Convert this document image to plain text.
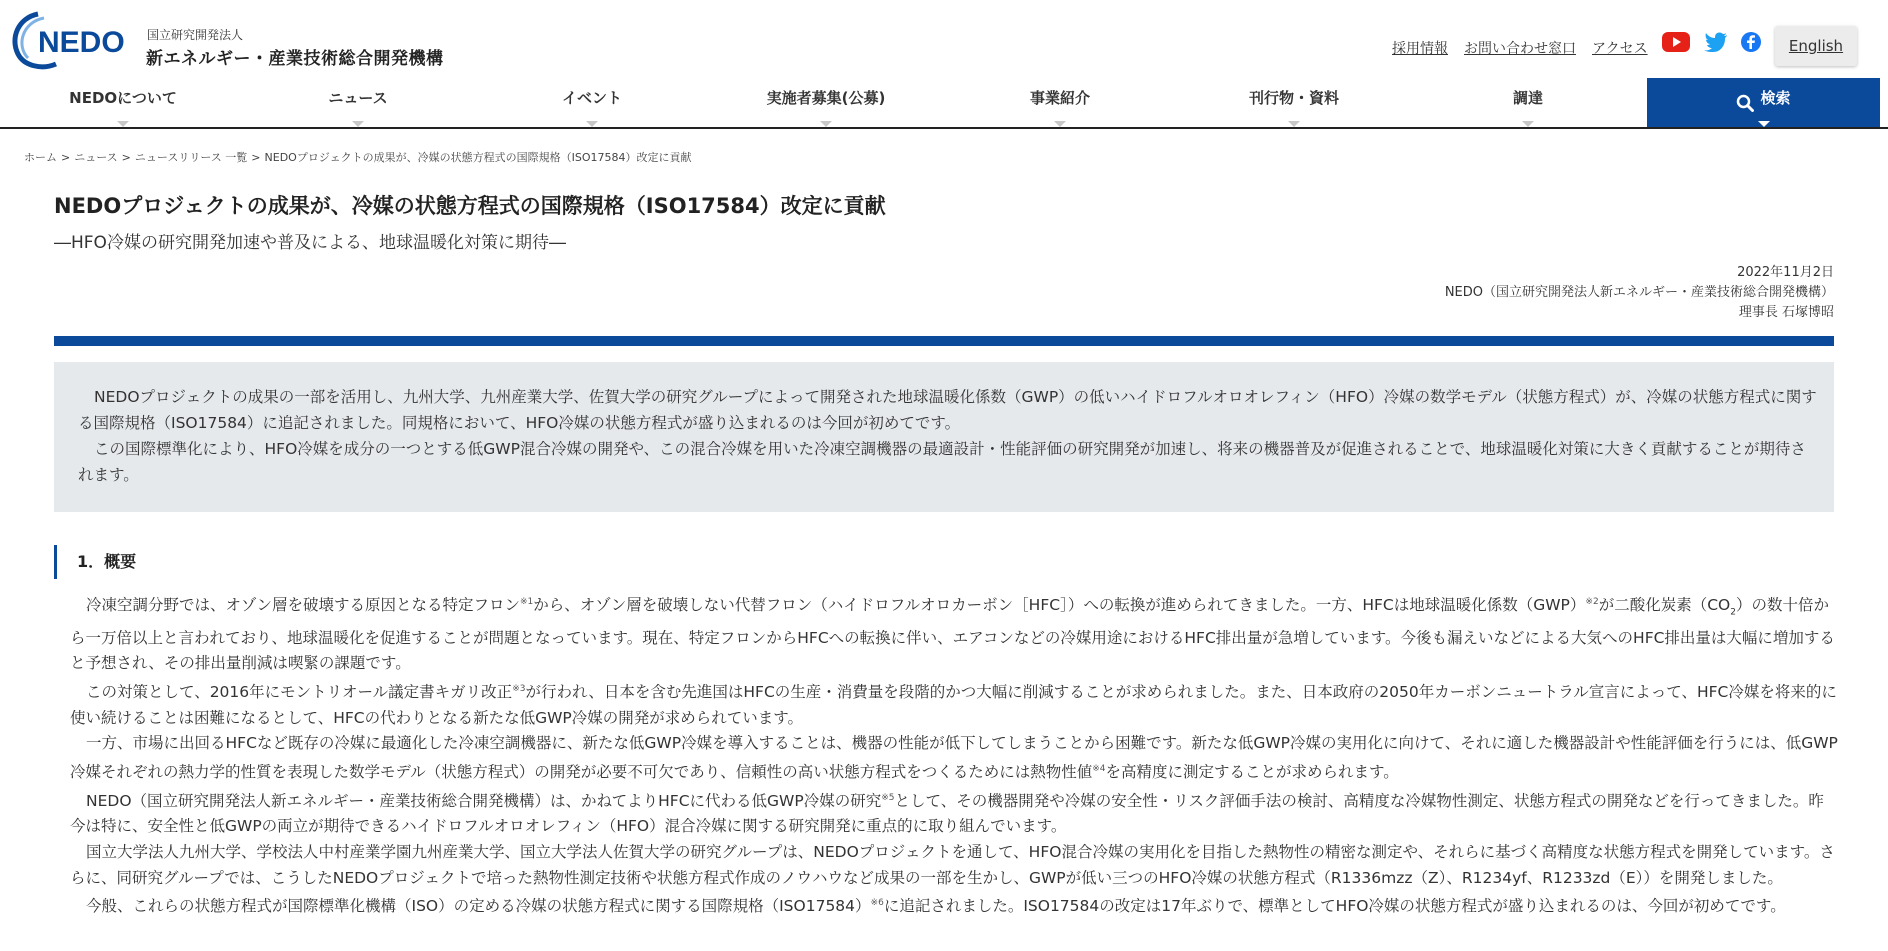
NEDO 国立研究開発法人
新エネルギー・産業技術総合開発機構	採用情報 お問い合わせ窓口 アクセス	English
NEDOについて	ニュース	イベント	実施者募集(公募)	事業紹介	刊行物・資料	調達	検索
ホーム > ニュース > ニュースリリース 一覧 > NEDOプロジェクトの成果が、冷媒の状態方程式の国際規格（ISO17584）改定に貢献
NEDOプロジェクトの成果が、冷媒の状態方程式の国際規格（ISO17584）改定に貢献
―HFO冷媒の研究開発加速や普及による、地球温暖化対策に期待―
2022年11月2日
NEDO（国立研究開発法人新エネルギー・産業技術総合開発機構）
理事長 石塚博昭

NEDOプロジェクトの成果の一部を活用し、九州大学、九州産業大学、佐賀大学の研究グループによって開発された地球温暖化係数（GWP）の低いハイドロフルオロオレフィン（HFO）冷媒の数学モデル（状態方程式）が、冷媒の状態方程式に関する国際規格（ISO17584）に追記されました。同規格において、HFO冷媒の状態方程式が盛り込まれるのは今回が初めてです。

この国際標準化により、HFO冷媒を成分の一つとする低GWP混合冷媒の開発や、この混合冷媒を用いた冷凍空調機器の最適設計・性能評価の研究開発が加速し、将来の機器普及が促進されることで、地球温暖化対策に大きく貢献することが期待されます。

1．概要

冷凍空調分野では、オゾン層を破壊する原因となる特定フロン$^{※1}$から、オゾン層を破壊しない代替フロン（ハイドロフルオロカーボン［HFC］）への転換が進められてきました。一方、HFCは地球温暖化係数（GWP）$^{※2}$が二酸化炭素$(CO_2)$の数十倍から一万倍以上と言われており、地球温暖化を促進することが問題となっています。現在、特定フロンからHFCへの転換に伴い、エアコンなどの冷媒用途におけるHFC排出量が急増しています。今後も漏えいなどによる大気へのHFC排出量は大幅に増加すると予想され、その排出量削減は喫緊の課題です。

この対策として、2016年にモントリオール議定書キガリ改正$^{※3}$が行われ、日本を含む先進国はHFCの生産・消費量を段階的かつ大幅に削減することが求められました。また、日本政府の2050年カーボンニュートラル宣言によって、HFC冷媒を将来的に使い続けることは困難になるとして、HFCの代わりとなる新たな低GWP冷媒の開発が求められています。

一方、市場に出回るHFCなど既存の冷媒に最適化した冷凍空調機器に、新たな低GWP冷媒を導入することは、機器の性能が低下してしまうことから困難です。新たな低GWP冷媒の実用化に向けて、それに適した機器設計や性能評価を行うには、低GWP冷媒それぞれの熱力学的性質を表現した数学モデル（状態方程式）の開発が必要不可欠であり、信頼性の高い状態方程式をつくるためには熱物性値$^{※4}$を高精度に測定することが求められます。

NEDO（国立研究開発法人新エネルギー・産業技術総合開発機構）は、かねてよりHFCに代わる低GWP冷媒の研究$^{※5}$として、その機器開発や冷媒の安全性・リスク評価手法の検討、高精度な冷媒物性測定、状態方程式の開発などを行ってきました。昨今は特に、安全性と低GWPの両立が期待できるハイドロフルオロオレフィン（HFO）混合冷媒に関する研究開発に重点的に取り組んでいます。

国立大学法人九州大学、学校法人中村産業学園九州産業大学、国立大学法人佐賀大学の研究グループは、NEDOプロジェクトを通して、HFO混合冷媒の実用化を目指した熱物性の精密な測定や、それらに基づく高精度な状態方程式を開発しています。さらに、同研究グループでは、こうしたNEDOプロジェクトで培った熱物性測定技術や状態方程式作成のノウハウなど成果の一部を生かし、GWPが低い三つのHFO冷媒の状態方程式（R1336mzz（Z）、R1234yf、R1233zd（E））を開発しました。

今般、これらの状態方程式が国際標準化機構（ISO）の定める冷媒の状態方程式に関する国際規格$(ISO17584)^{※6}$に追記されました。ISO17584の改定は17年ぶりで、標準としてHFO冷媒の状態方程式が盛り込まれるのは、今回が初めてです。
